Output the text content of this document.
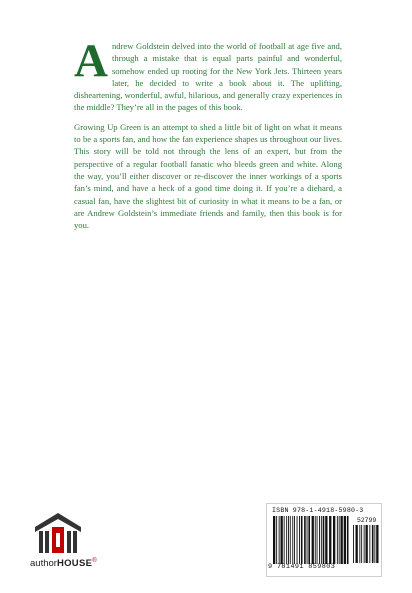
Andrew Goldstein delved into the world of football at age five and, through a mistake that is equal parts painful and wonderful, somehow ended up rooting for the New York Jets. Thirteen years later, he decided to write a book about it. The uplifting, disheartening, wonderful, awful, hilarious, and generally crazy experiences in the middle? They’re all in the pages of this book.

Growing Up Green is an attempt to shed a little bit of light on what it means to be a sports fan, and how the fan experience shapes us throughout our lives. This story will be told not through the lens of an expert, but from the perspective of a regular football fanatic who bleeds green and white. Along the way, you’ll either discover or re-discover the inner workings of a sports fan’s mind, and have a heck of a good time doing it. If you’re a diehard, a casual fan, have the slightest bit of curiosity in what it means to be a fan, or are Andrew Goldstein’s immediate friends and family, then this book is for you.

ISBN 978-1-4918-5980-3
52799
9 781491 859803
authorHOUSE®
